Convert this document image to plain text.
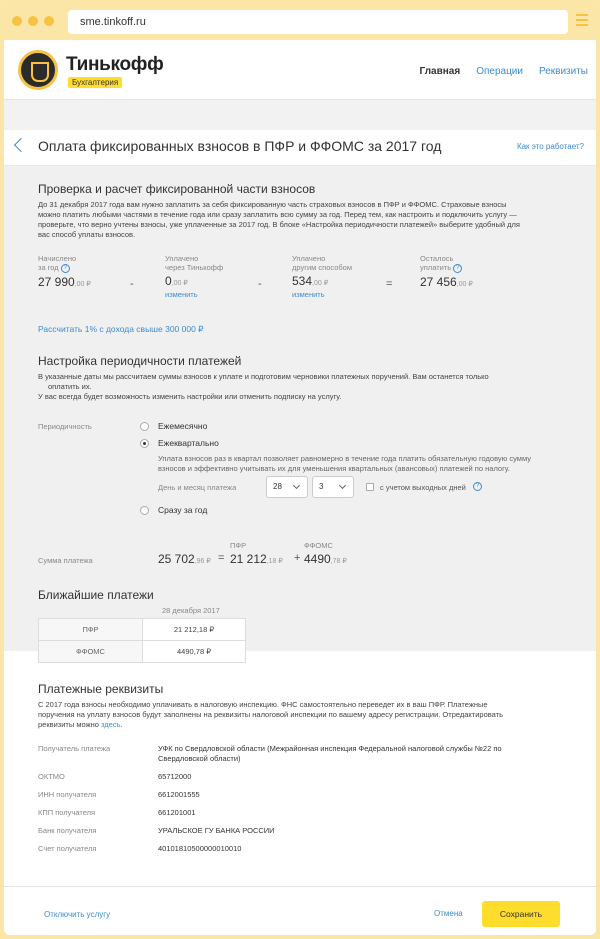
sme.tinkoff.ru
Тинькофф
Бухгалтерия
Главная Операции Реквизиты
Оплата фиксированных взносов в ПФР и ФФОМС за 2017 год	Как это работает?
Проверка и расчет фиксированной части взносов
До 31 декабря 2017 года вам нужно заплатить за себя фиксированную часть страховых взносов в ПФР и ФФОМС. Страховые взносы
можно платить любыми частями в течение года или сразу заплатить всю сумму за год. Перед тем, как настроить и подключить услугу —
проверьте, что верно учтены взносы, уже уплаченные за 2017 год. В блоке «Настройка периодичности платежей» выберите удобный для
вас способ уплаты взносов.
Начислено
за год ?
27 990,00 ₽	-
Уплачено
через Тинькофф
0,00 ₽
изменить
-
Уплачено
другим способом
534,00 ₽
изменить
=
Осталось
уплатить ?
27 456,00 ₽
Рассчитать 1% с дохода свыше 300 000 ₽
Настройка периодичности платежей
В указанные даты мы рассчитаем суммы взносов к уплате и подготовим черновики платежных поручений. Вам останется только
оплатить их.
У вас всегда будет возможность изменить настройки или отменить подписку на услугу.
Периодичность	Ежемесячно
Ежеквартально
Уплата взносов раз в квартал позволяет равномерно в течение года платить обязательную годовую сумму
взносов и эффективно учитывать их для уменьшения квартальных (авансовых) платежей по налогу.
День и месяц платежа	28	3	с учетом выходных дней	?
Сразу за год
Сумма платежа	25 702,96 ₽ =
ПФР
21 212,18 ₽ +
ФФОМС
4490,78 ₽
Ближайшие платежи
28 декабря 2017
ПФР	21 212,18 ₽
ФФОМС	4490,78 ₽
Платежные реквизиты
С 2017 года взносы необходимо уплачивать в налоговую инспекцию. ФНС самостоятельно переведет их в ваш ПФР. Платежные
поручения на уплату взносов будут заполнены на реквизиты налоговой инспекции по вашему адресу регистрации. Отредактировать
реквизиты можно здесь.
Получатель платежа	УФК по Свердловской области (Межрайонная инспекция Федеральной налоговой службы №22 по
Свердловской области)
ОКТМО	65712000
ИНН получателя	6612001555
КПП получателя	661201001
Банк получателя	УРАЛЬСКОЕ ГУ БАНКА РОССИИ
Счет получателя	40101810500000010010
Отключить услугу	Отмена	Сохранить
